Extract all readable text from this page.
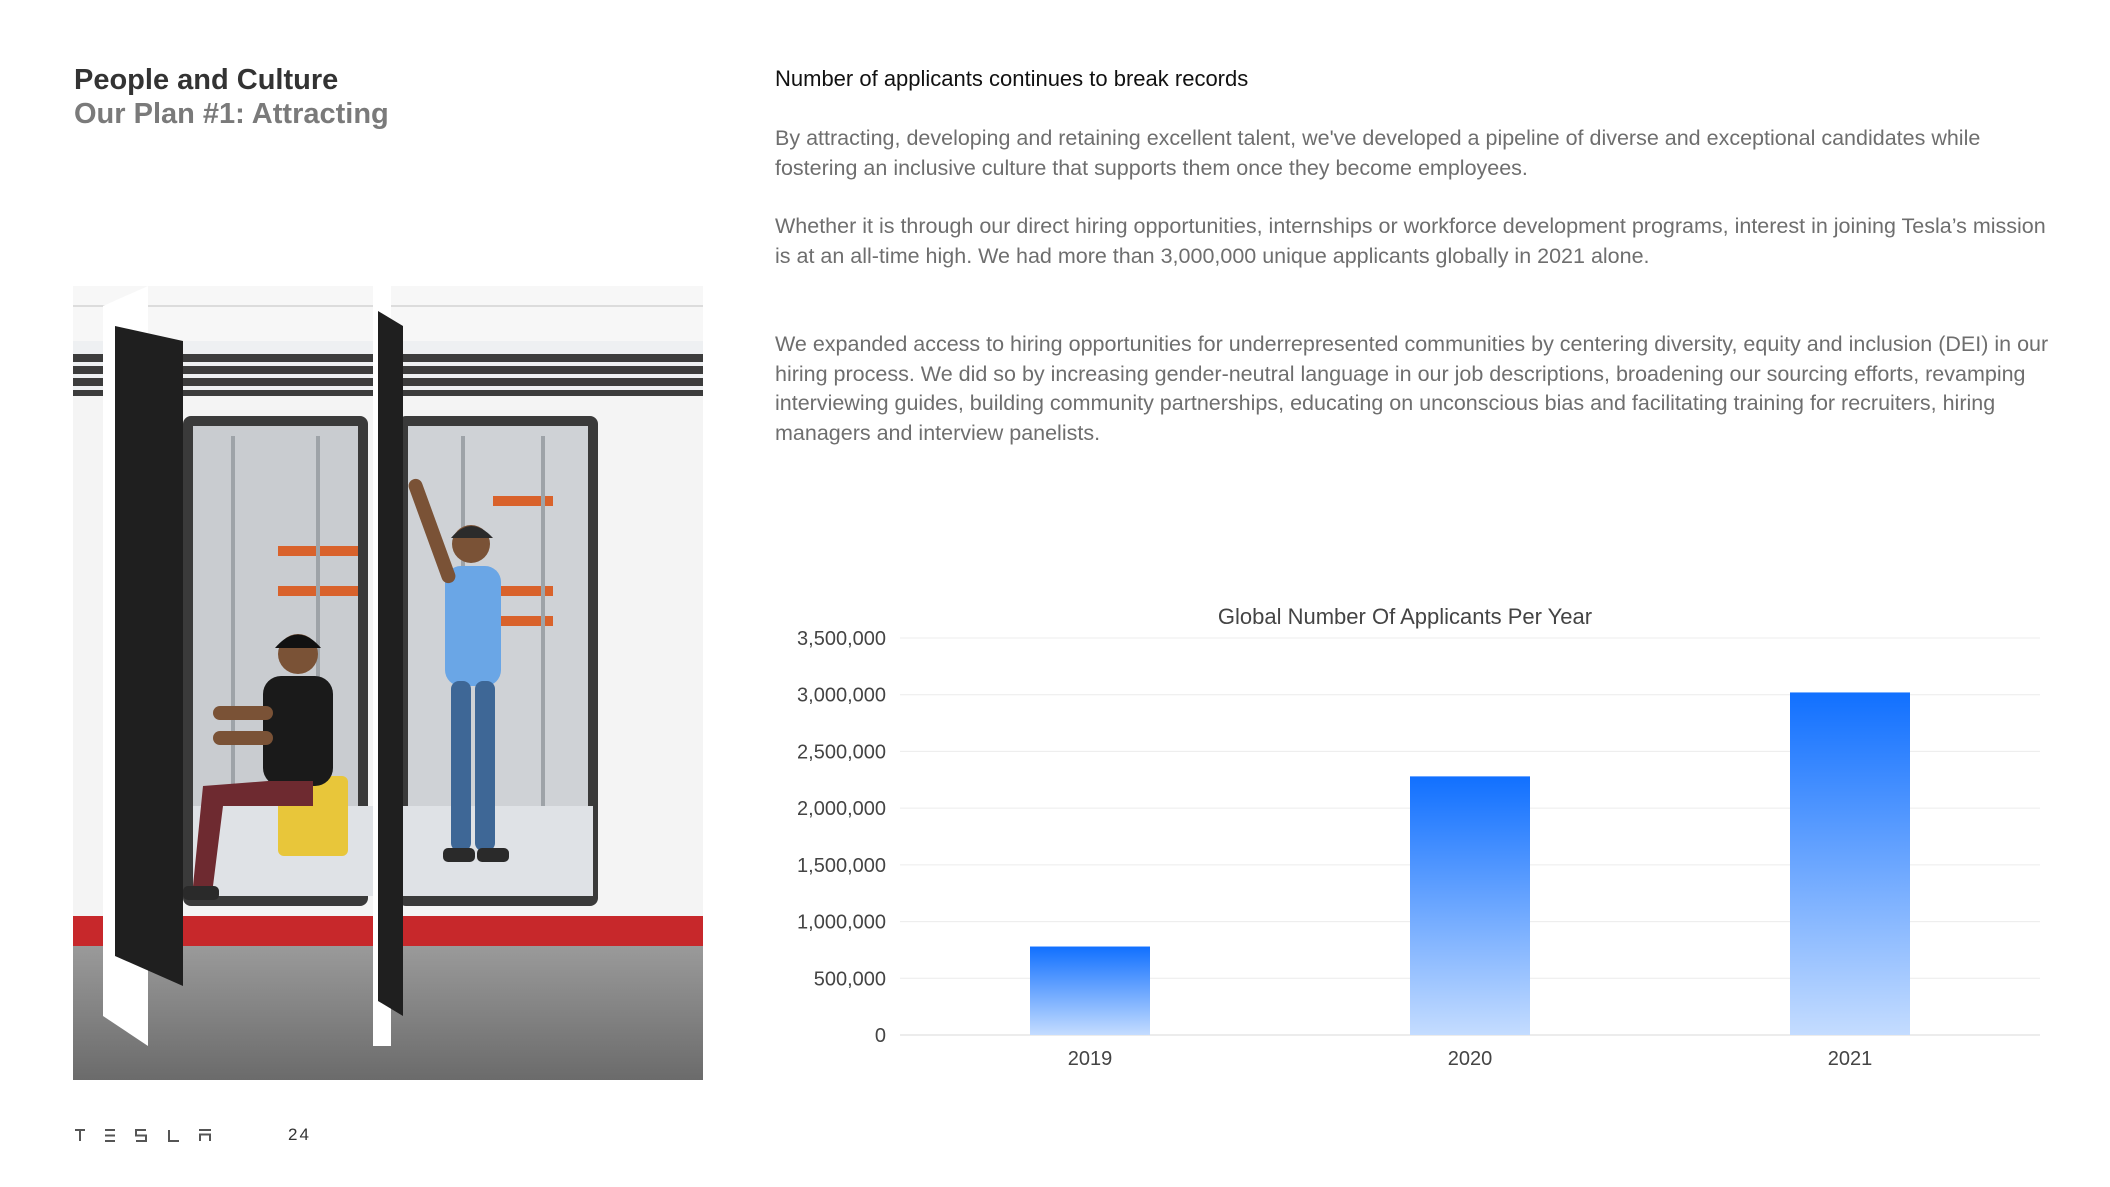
People and Culture
Our Plan #1: Attracting
Number of applicants continues to break records

By attracting, developing and retaining excellent talent, we've developed a pipeline of diverse and exceptional candidates while fostering an inclusive culture that supports them once they become employees.

Whether it is through our direct hiring opportunities, internships or workforce development programs, interest in joining Tesla’s mission is at an all-time high. We had more than 3,000,000 unique applicants globally in 2021 alone.

We expanded access to hiring opportunities for underrepresented communities by centering diversity, equity and inclusion (DEI) in our hiring process. We did so by increasing gender-neutral language in our job descriptions, broadening our sourcing efforts, revamping interviewing guides, building community partnerships, educating on unconscious bias and facilitating training for recruiters, hiring managers and interview panelists.

Global Number Of Applicants Per Year
0
500,000
1,000,000
1,500,000
2,000,000
2,500,000
3,000,000
3,500,000
2019	2020	2021
24
